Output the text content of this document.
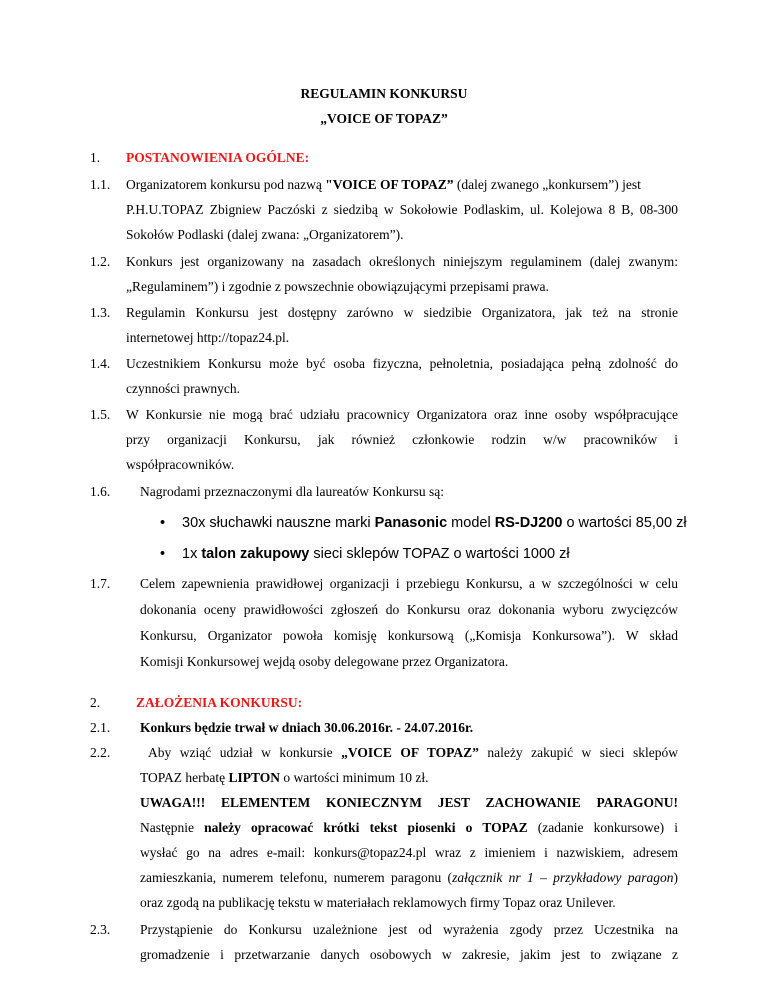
REGULAMIN KONKURSU
„VOICE OF TOPAZ”
1. POSTANOWIENIA OGÓLNE:
1.1. Organizatorem konkursu pod nazwą "VOICE OF TOPAZ” (dalej zwanego „konkursem”) jest
P.H.U.TOPAZ Zbigniew Paczóski z siedzibą w Sokołowie Podlaskim, ul. Kolejowa 8 B, 08-300
Sokołów Podlaski (dalej zwana: „Organizatorem”).
1.2. Konkurs jest organizowany na zasadach określonych niniejszym regulaminem (dalej zwanym:
„Regulaminem”) i zgodnie z powszechnie obowiązującymi przepisami prawa.
1.3. Regulamin Konkursu jest dostępny zarówno w siedzibie Organizatora, jak też na stronie
internetowej http://topaz24.pl.
1.4. Uczestnikiem Konkursu może być osoba fizyczna, pełnoletnia, posiadająca pełną zdolność do
czynności prawnych.
1.5. W Konkursie nie mogą brać udziału pracownicy Organizatora oraz inne osoby współpracujące
przy organizacji Konkursu, jak również członkowie rodzin w/w pracowników i
współpracowników.
1.6. Nagrodami przeznaczonymi dla laureatów Konkursu są:
• 30x słuchawki nauszne marki Panasonic model RS-DJ200 o wartości 85,00 zł
• 1x talon zakupowy sieci sklepów TOPAZ o wartości 1000 zł
1.7. Celem zapewnienia prawidłowej organizacji i przebiegu Konkursu, a w szczególności w celu
dokonania oceny prawidłowości zgłoszeń do Konkursu oraz dokonania wyboru zwycięzców
Konkursu, Organizator powoła komisję konkursową („Komisja Konkursowa”). W skład
Komisji Konkursowej wejdą osoby delegowane przez Organizatora.
2.	ZAŁOŻENIA KONKURSU:
2.1. Konkurs będzie trwał w dniach 30.06.2016r. - 24.07.2016r.
2.2.	Aby wziąć udział w konkursie „VOICE OF TOPAZ” należy zakupić w sieci sklepów
TOPAZ herbatę LIPTON o wartości minimum 10 zł.
UWAGA!!! ELEMENTEM KONIECZNYM JEST ZACHOWANIE PARAGONU!
Następnie należy opracować krótki tekst piosenki o TOPAZ (zadanie konkursowe) i
wysłać go na adres e-mail: konkurs@topaz24.pl wraz z imieniem i nazwiskiem, adresem
zamieszkania, numerem telefonu, numerem paragonu (załącznik nr 1 – przykładowy paragon)
oraz zgodą na publikację tekstu w materiałach reklamowych firmy Topaz oraz Unilever.
2.3. Przystąpienie do Konkursu uzależnione jest od wyrażenia zgody przez Uczestnika na
gromadzenie i przetwarzanie danych osobowych w zakresie, jakim jest to związane z
